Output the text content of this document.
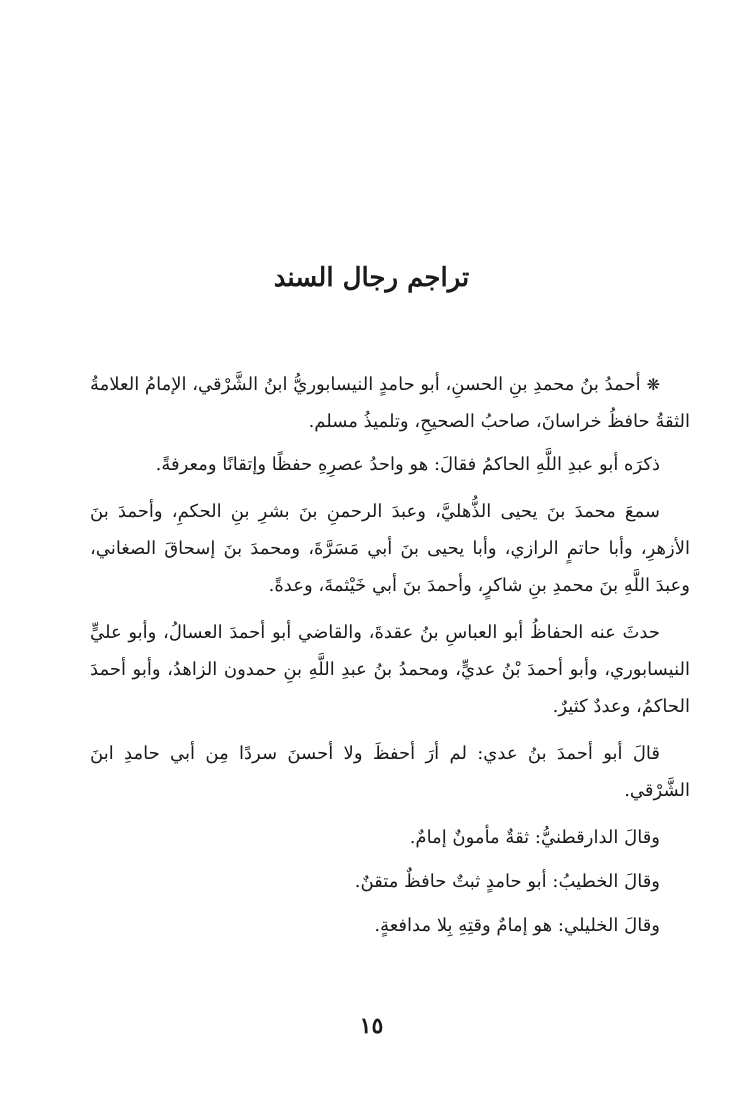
تراجم رجال السند

❋أحمدُ بنُ محمدِ بنِ الحسنِ، أبو حامدٍ النيسابوريُّ ابنُ الشَّرْقي، الإمامُ العلامةُ الثقةُ حافظُ خراسانَ، صاحبُ الصحيحِ، وتلميذُ مسلم.

ذكرَه أبو عبدِ اللَّهِ الحاكمُ فقالَ: هو واحدُ عصرِهِ حفظًا وإتقانًا ومعرفةً.

سمعَ محمدَ بنَ يحيى الذُّهليَّ، وعبدَ الرحمنِ بنَ بشرِ بنِ الحكمِ، وأحمدَ بنَ الأزهرِ، وأبا حاتمٍ الرازي، وأبا يحيى بنَ أبي مَسَرَّةَ، ومحمدَ بنَ إسحاقَ الصغاني، وعبدَ اللَّهِ بنَ محمدِ بنِ شاكرٍ، وأحمدَ بنَ أبي خَيْثمةَ، وعدةً.

حدثَ عنه الحفاظُ أبو العباسِ بنُ عقدةَ، والقاضي أبو أحمدَ العسالُ، وأبو عليٍّ النيسابوري، وأبو أحمدَ بْنُ عديٍّ، ومحمدُ بنُ عبدِ اللَّهِ بنِ حمدون الزاهدُ، وأبو أحمدَ الحاكمُ، وعددٌ كثيرٌ.

قالَ أبو أحمدَ بنُ عدي: لم أرَ أحفظَ ولا أحسنَ سردًا مِن أبي حامدِ ابنَ الشَّرْقي.

وقالَ الدارقطنيُّ: ثقةٌ مأمونٌ إمامٌ.

وقالَ الخطيبُ: أبو حامدٍ ثبتٌ حافظٌ متقنٌ.

وقالَ الخليلي: هو إمامٌ وقتِهِ بِلا مدافعةٍ.

١٥
